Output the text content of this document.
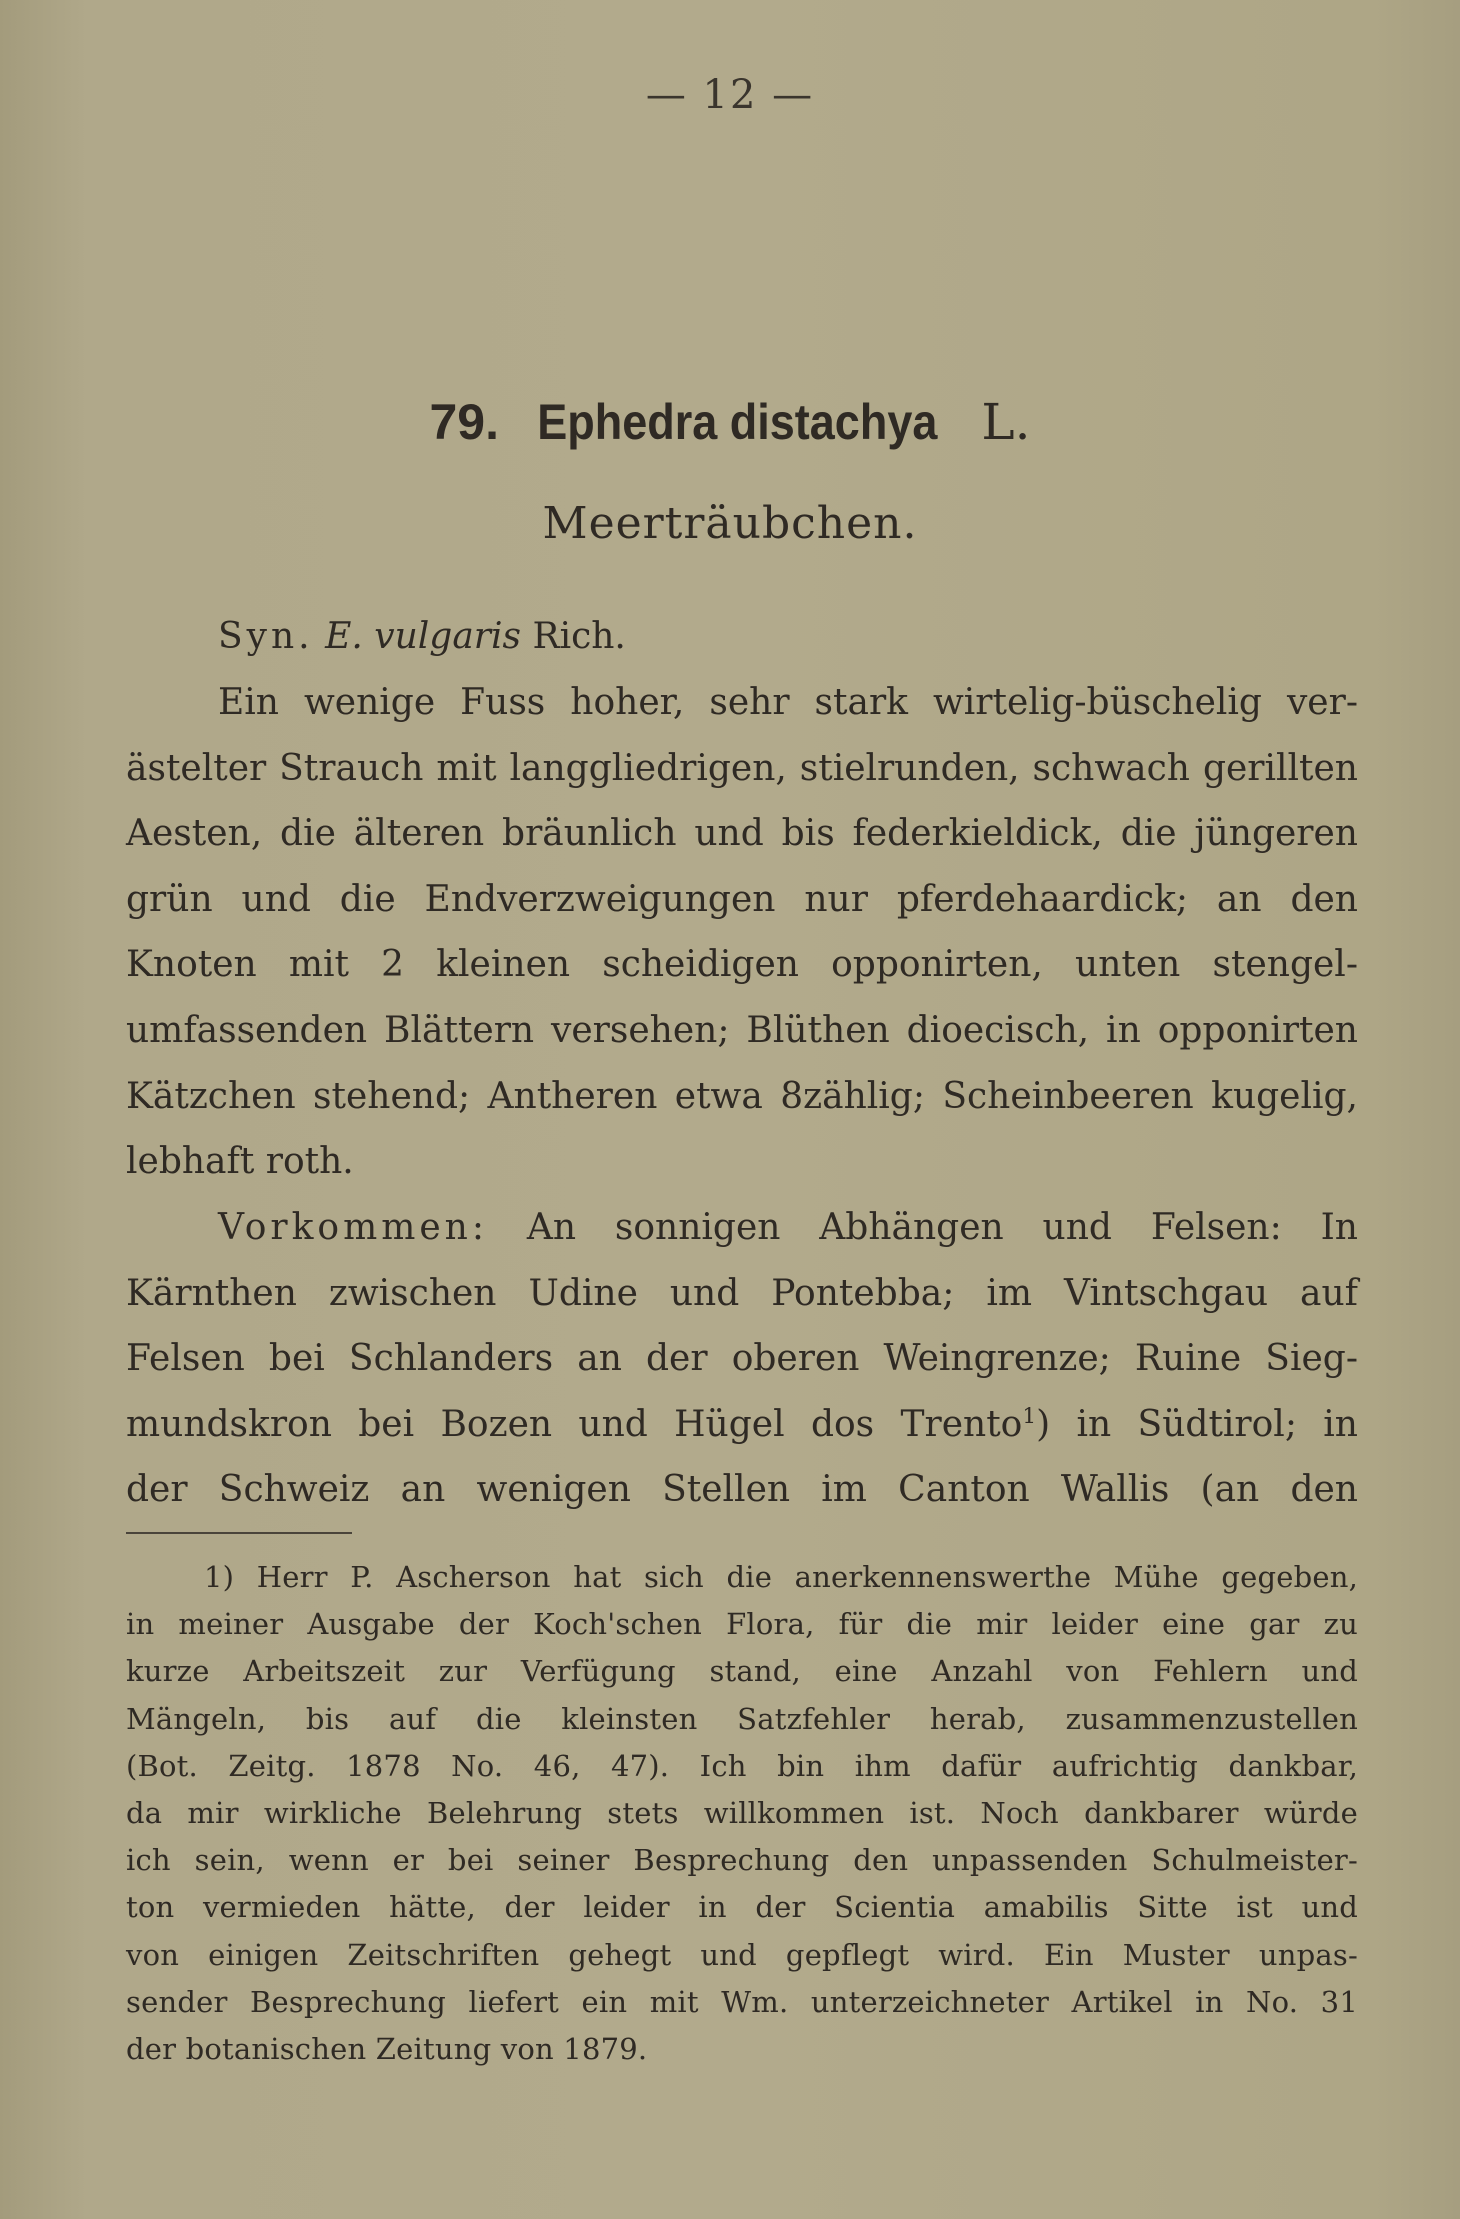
— 12 —
79. Ephedra distachya L.
Meerträubchen.
Syn. E. vulgaris Rich.
Ein wenige Fuss hoher, sehr stark wirtelig-büschelig ver-
ästelter Strauch mit langgliedrigen, stielrunden, schwach gerillten
Aesten, die älteren bräunlich und bis federkieldick, die jüngeren
grün und die Endverzweigungen nur pferdehaardick; an den
Knoten mit 2 kleinen scheidigen opponirten, unten stengel-
umfassenden Blättern versehen; Blüthen dioecisch, in opponirten
Kätzchen stehend; Antheren etwa 8zählig; Scheinbeeren kugelig,
lebhaft roth.
Vorkommen: An sonnigen Abhängen und Felsen: In
Kärnthen zwischen Udine und Pontebba; im Vintschgau auf
Felsen bei Schlanders an der oberen Weingrenze; Ruine Sieg-
mundskron bei Bozen und Hügel dos Trento$^1$) in Südtirol; in
der Schweiz an wenigen Stellen im Canton Wallis (an den
1) Herr P. Ascherson hat sich die anerkennenswerthe Mühe gegeben,
in meiner Ausgabe der Koch'schen Flora, für die mir leider eine gar zu
kurze Arbeitszeit zur Verfügung stand, eine Anzahl von Fehlern und
Mängeln, bis auf die kleinsten Satzfehler herab, zusammenzustellen
(Bot. Zeitg. 1878 No. 46, 47). Ich bin ihm dafür aufrichtig dankbar,
da mir wirkliche Belehrung stets willkommen ist. Noch dankbarer würde
ich sein, wenn er bei seiner Besprechung den unpassenden Schulmeister-
ton vermieden hätte, der leider in der Scientia amabilis Sitte ist und
von einigen Zeitschriften gehegt und gepflegt wird. Ein Muster unpas-
sender Besprechung liefert ein mit Wm. unterzeichneter Artikel in No. 31
der botanischen Zeitung von 1879.
